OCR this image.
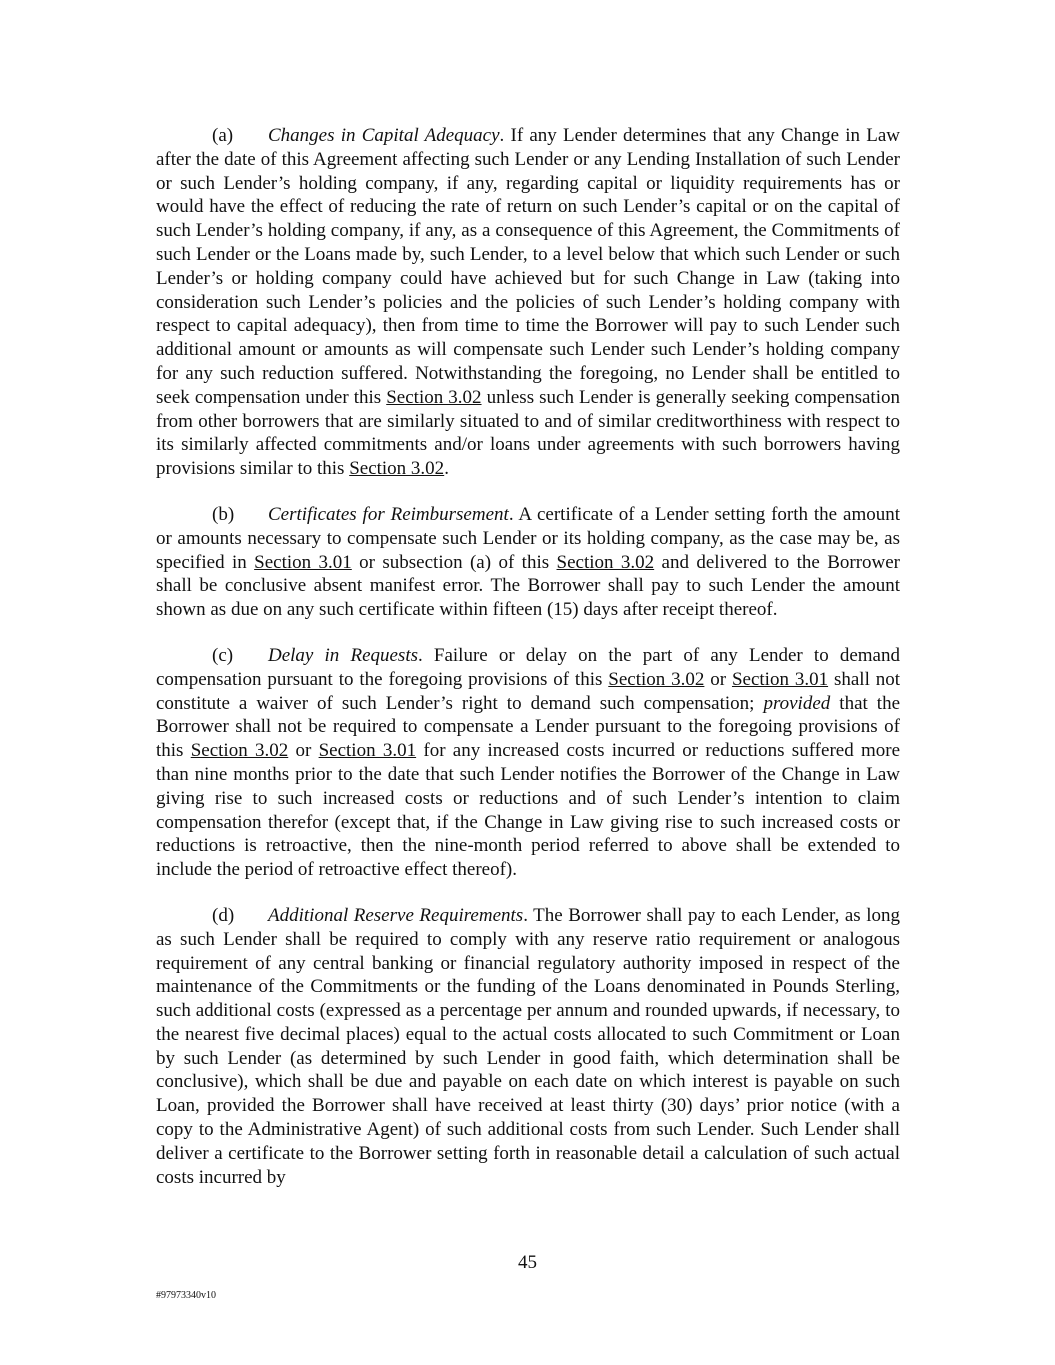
(a) Changes in Capital Adequacy. If any Lender determines that any Change in Law after the date of this Agreement affecting such Lender or any Lending Installation of such Lender or such Lender’s holding company, if any, regarding capital or liquidity requirements has or would have the effect of reducing the rate of return on such Lender’s capital or on the capital of such Lender’s holding company, if any, as a consequence of this Agreement, the Commitments of such Lender or the Loans made by, such Lender, to a level below that which such Lender or such Lender’s or holding company could have achieved but for such Change in Law (taking into consideration such Lender’s policies and the policies of such Lender’s holding company with respect to capital adequacy), then from time to time the Borrower will pay to such Lender such additional amount or amounts as will compensate such Lender such Lender’s holding company for any such reduction suffered. Notwithstanding the foregoing, no Lender shall be entitled to seek compensation under this Section 3.02 unless such Lender is generally seeking compensation from other borrowers that are similarly situated to and of similar creditworthiness with respect to its similarly affected commitments and/or loans under agreements with such borrowers having provisions similar to this Section 3.02.

(b) Certificates for Reimbursement. A certificate of a Lender setting forth the amount or amounts necessary to compensate such Lender or its holding company, as the case may be, as specified in Section 3.01 or subsection (a) of this Section 3.02 and delivered to the Borrower shall be conclusive absent manifest error. The Borrower shall pay to such Lender the amount shown as due on any such certificate within fifteen (15) days after receipt thereof.

(c) Delay in Requests. Failure or delay on the part of any Lender to demand compensation pursuant to the foregoing provisions of this Section 3.02 or Section 3.01 shall not constitute a waiver of such Lender’s right to demand such compensation; provided that the Borrower shall not be required to compensate a Lender pursuant to the foregoing provisions of this Section 3.02 or Section 3.01 for any increased costs incurred or reductions suffered more than nine months prior to the date that such Lender notifies the Borrower of the Change in Law giving rise to such increased costs or reductions and of such Lender’s intention to claim compensation therefor (except that, if the Change in Law giving rise to such increased costs or reductions is retroactive, then the nine-month period referred to above shall be extended to include the period of retroactive effect thereof).

(d) Additional Reserve Requirements. The Borrower shall pay to each Lender, as long as such Lender shall be required to comply with any reserve ratio requirement or analogous requirement of any central banking or financial regulatory authority imposed in respect of the maintenance of the Commitments or the funding of the Loans denominated in Pounds Sterling, such additional costs (expressed as a percentage per annum and rounded upwards, if necessary, to the nearest five decimal places) equal to the actual costs allocated to such Commitment or Loan by such Lender (as determined by such Lender in good faith, which determination shall be conclusive), which shall be due and payable on each date on which interest is payable on such Loan, provided the Borrower shall have received at least thirty (30) days’ prior notice (with a copy to the Administrative Agent) of such additional costs from such Lender. Such Lender shall deliver a certificate to the Borrower setting forth in reasonable detail a calculation of such actual costs incurred by

45
#97973340v10
